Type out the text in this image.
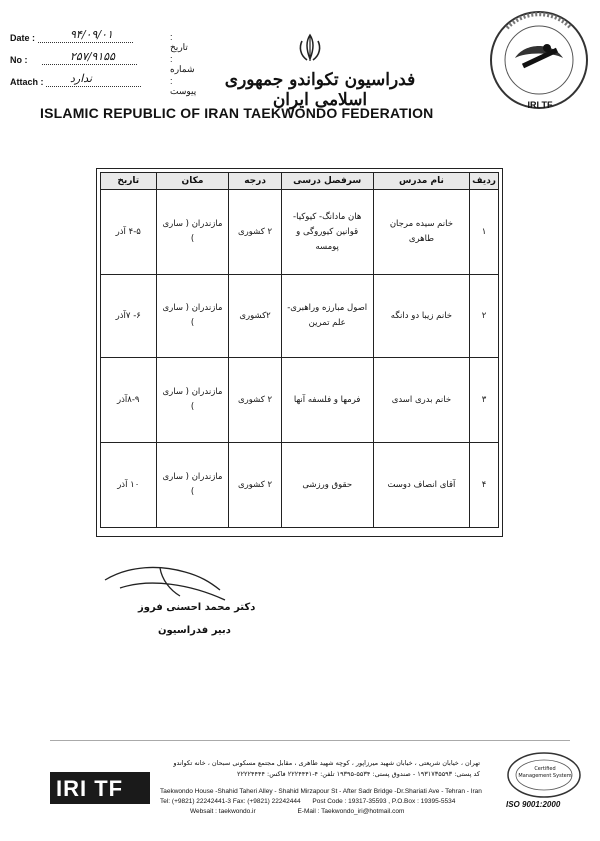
Date :	۹۴/۰۹/۰۱	: تاریخ
No :	۲۵۷/۹۱۵۵	: شماره
Attach : ندارد	: پیوست
فدراسیون تکواندو جمهوری اسلامی ایران
ISLAMIC REPUBLIC OF IRAN TAEKWONDO FEDERATION	IRI TF
ردیف	نام مدرس	سرفصل درسی	درجه	مکان	تاریخ
۱	خانم سیده مرجان طاهری	هان مادانگ- کیوکیا- قوانین کیوروگی و پومسه	۲ کشوری	مازندران ( ساری )	۴-۵ آذر
۲	خانم زیبا دو دانگه	اصول مبارزه وراهبری- علم تمرین	۲کشوری	مازندران ( ساری )	۶- ۷آذر
۳	خانم بدری اسدی	فرمها و فلسفه آنها	۲ کشوری	مازندران ( ساری )	۸-۹آذر
۴	آقای انصاف دوست	حقوق ورزشی	۲ کشوری	مازندران ( ساری )	۱۰ آذر
دکتر محمد احسنی فروز
دبیر فدراسیون
تهران ، خیابان شریعتی ، خیابان شهید میرزاپور ، کوچه شهید طاهری ، مقابل مجتمع مسکونی سبحان ، خانه تکواندو
کد پستی: ۱۹۳۱۷۳۵۵۹۳ - صندوق پستی: ۵۵۳۴-۱۹۳۹۵ تلفن: ۴-۲۲۲۴۴۴۱ فاکس: ۲۲۲۲۴۴۴۴
IRI TF	Taekwondo House -Shahid Taheri Alley - Shahid Mirzapour St - After Sadr Bridge -Dr.Shariati Ave - Tehran - Iran
Tel: (+9821) 22242441-3 Fax: (+9821) 22242444 Post Code : 19317-35593 , P.O.Box : 19395-5534
Websait : taekwondo.ir	E-Mail : Taekwondo_iri@hotmail.com
Certified Management System
ISO 9001:2000
